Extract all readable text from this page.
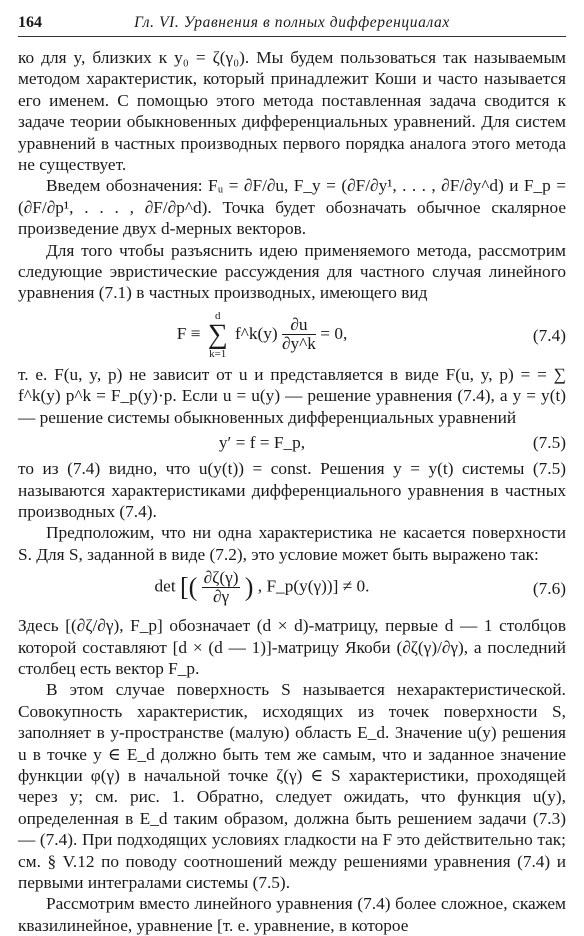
164	Гл. VI. Уравнения в полных дифференциалах

ко для y, близких к y₀ = ζ(γ₀). Мы будем пользоваться так называемым методом характеристик, который принадлежит Коши и часто называется его именем. С помощью этого метода поставленная задача сводится к задаче теории обыкновенных дифференциальных уравнений. Для систем уравнений в частных производных первого порядка аналога этого метода не существует.

Введем обозначения: Fᵤ = ∂F/∂u, F_y = (∂F/∂y¹, . . . , ∂F/∂y^d) и F_p = (∂F/∂p¹, . . . , ∂F/∂p^d). Точка будет обозначать обычное скалярное произведение двух d-мерных векторов.

Для того чтобы разъяснить идею применяемого метода, рассмотрим следующие эвристические рассуждения для частного случая линейного уравнения (7.1) в частных производных, имеющего вид

F ≡
d
∑
k=1
f^k(y) $\frac{\partial u}{\partial y\^{}k} = 0$,	(7.4)

т. е. F(u, y, p) не зависит от u и представляется в виде F(u, y, p) = = ∑ f^k(y) p^k = F_p(y)·p. Если u = u(y) — решение уравнения (7.4), а y = y(t) — решение системы обыкновенных дифференциальных уравнений

y′ = f = F_p,	(7.5)

то из (7.4) видно, что u(y(t)) = const. Решения y = y(t) системы (7.5) называются характеристиками дифференциального уравнения в частных производных (7.4).

Предположим, что ни одна характеристика не касается поверхности S. Для S, заданной в виде (7.2), это условие может быть выражено так:

det [( $\frac{\partial\zeta(\gamma)}{\partial\gamma}$ ) , F_p(y(γ))] ≠ 0.	(7.6)

Здесь [(∂ζ/∂γ), F_p] обозначает (d × d)-матрицу, первые d — 1 столбцов которой составляют [d × (d — 1)]-матрицу Якоби (∂ζ(γ)/∂γ), а последний столбец есть вектор F_p.

В этом случае поверхность S называется нехарактеристической. Совокупность характеристик, исходящих из точек поверхности S, заполняет в y-пространстве (малую) область E_d. Значение u(y) решения u в точке y ∈ E_d должно быть тем же самым, что и заданное значение функции φ(γ) в начальной точке ζ(γ) ∈ S характеристики, проходящей через y; см. рис. 1. Обратно, следует ожидать, что функция u(y), определенная в E_d таким образом, должна быть решением задачи (7.3) — (7.4). При подходящих условиях гладкости на F это действительно так; см. § V.12 по поводу соотношений между решениями уравнения (7.4) и первыми интегралами системы (7.5).

Рассмотрим вместо линейного уравнения (7.4) более сложное, скажем квазилинейное, уравнение [т. е. уравнение, в которое
